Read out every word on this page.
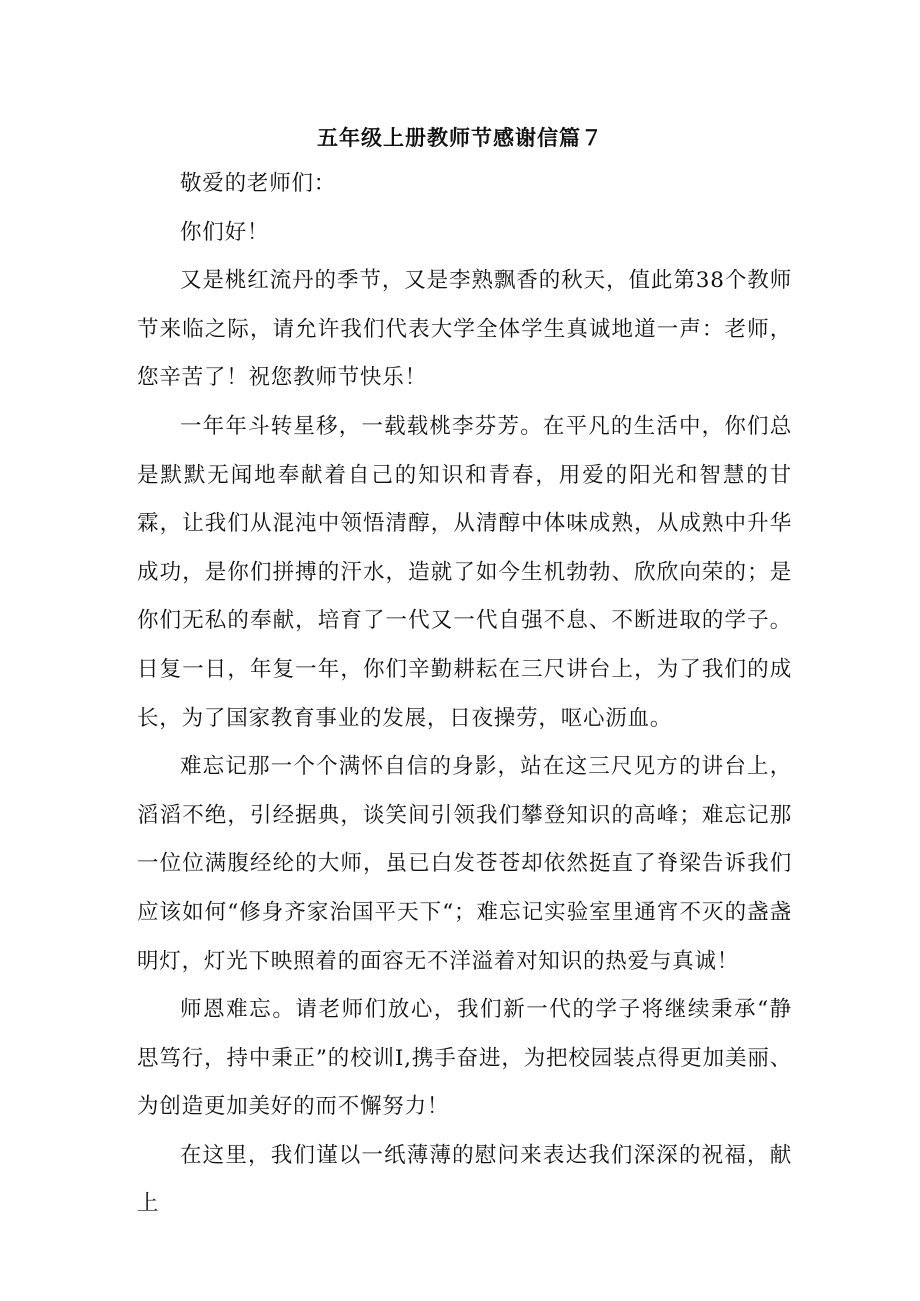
五年级上册教师节感谢信篇７

敬爱的老师们：

你们好！

又是桃红流丹的季节，又是李熟飘香的秋天，值此第38个教师节来临之际，请允许我们代表大学全体学生真诚地道一声：老师，您辛苦了！祝您教师节快乐！

一年年斗转星移，一载载桃李芬芳。在平凡的生活中，你们总是默默无闻地奉献着自己的知识和青春，用爱的阳光和智慧的甘霖，让我们从混沌中领悟清醇，从清醇中体味成熟，从成熟中升华成功，是你们拼搏的汗水，造就了如今生机勃勃、欣欣向荣的；是你们无私的奉献，培育了一代又一代自强不息、不断进取的学子。日复一日，年复一年，你们辛勤耕耘在三尺讲台上，为了我们的成长，为了国家教育事业的发展，日夜操劳，呕心沥血。

难忘记那一个个满怀自信的身影，站在这三尺见方的讲台上，滔滔不绝，引经据典，谈笑间引领我们攀登知识的高峰；难忘记那一位位满腹经纶的大师，虽已白发苍苍却依然挺直了脊梁告诉我们应该如何“修身齐家治国平天下“；难忘记实验室里通宵不灭的盏盏明灯，灯光下映照着的面容无不洋溢着对知识的热爱与真诚！

师恩难忘。请老师们放心，我们新一代的学子将继续秉承“静思笃行，持中秉正”的校训I,携手奋进，为把校园装点得更加美丽、为创造更加美好的而不懈努力！

在这里，我们谨以一纸薄薄的慰问来表达我们深深的祝福，献上
